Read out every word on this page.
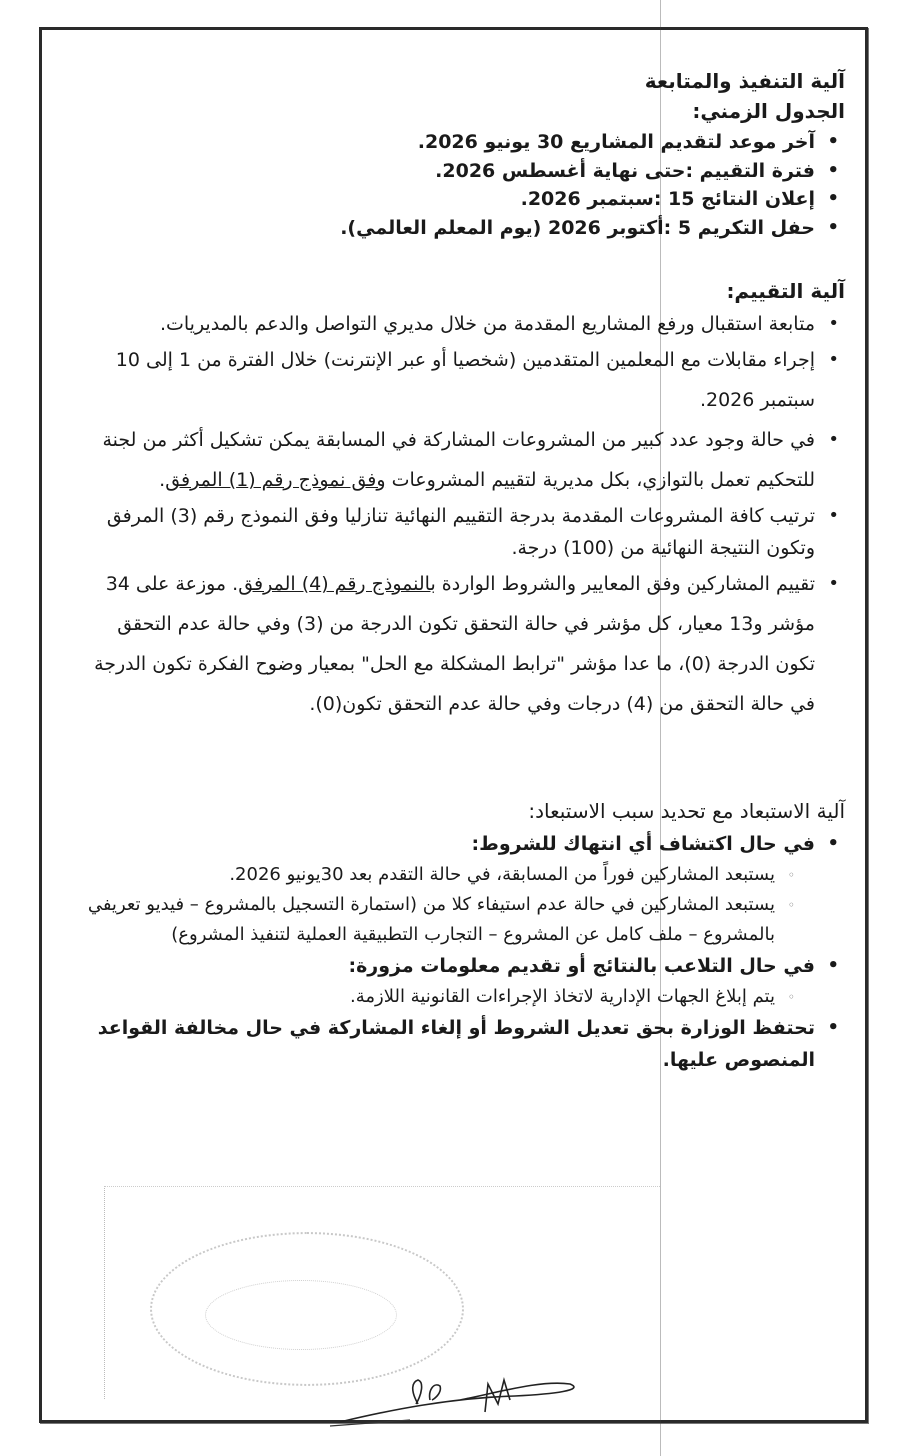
آلية التنفيذ والمتابعة

الجدول الزمني:

• آخر موعد لتقديم المشاريع 30 يونيو 2026.
• فترة التقييم :حتى نهاية أغسطس 2026.
• إعلان النتائج 15 :سبتمبر 2026.
• حفل التكريم 5 :أكتوبر 2026 (يوم المعلم العالمي).

آلية التقييم:

• متابعة استقبال ورفع المشاريع المقدمة من خلال مديري التواصل والدعم بالمديريات.
• إجراء مقابلات مع المعلمين المتقدمين (شخصيا أو عبر الإنترنت) خلال الفترة من 1 إلى 10 سبتمبر 2026.
• في حالة وجود عدد كبير من المشروعات المشاركة في المسابقة يمكن تشكيل أكثر من لجنة للتحكيم تعمل بالتوازي، بكل مديرية لتقييم المشروعات وفق نموذج رقم (1) المرفق.
• ترتيب كافة المشروعات المقدمة بدرجة التقييم النهائية تنازليا وفق النموذج رقم (3) المرفق وتكون النتيجة النهائية من (100) درجة.
• تقييم المشاركين وفق المعايير والشروط الواردة بالنموذج رقم (4) المرفق. موزعة على 34 مؤشر و13 معيار، كل مؤشر في حالة التحقق تكون الدرجة من (3) وفي حالة عدم التحقق تكون الدرجة (0)، ما عدا مؤشر "ترابط المشكلة مع الحل" بمعيار وضوح الفكرة تكون الدرجة في حالة التحقق من (4) درجات وفي حالة عدم التحقق تكون(0).

آلية الاستبعاد مع تحديد سبب الاستبعاد:

• في حال اكتشاف أي انتهاك للشروط:
◦ يستبعد المشاركين فوراً من المسابقة، في حالة التقدم بعد 30يونيو 2026.
◦ يستبعد المشاركين في حالة عدم استيفاء كلا من (استمارة التسجيل بالمشروع – فيديو تعريفي بالمشروع – ملف كامل عن المشروع – التجارب التطبيقية العملية لتنفيذ المشروع)
• في حال التلاعب بالنتائج أو تقديم معلومات مزورة:
◦ يتم إبلاغ الجهات الإدارية لاتخاذ الإجراءات القانونية اللازمة.
• تحتفظ الوزارة بحق تعديل الشروط أو إلغاء المشاركة في حال مخالفة القواعد المنصوص عليها.
